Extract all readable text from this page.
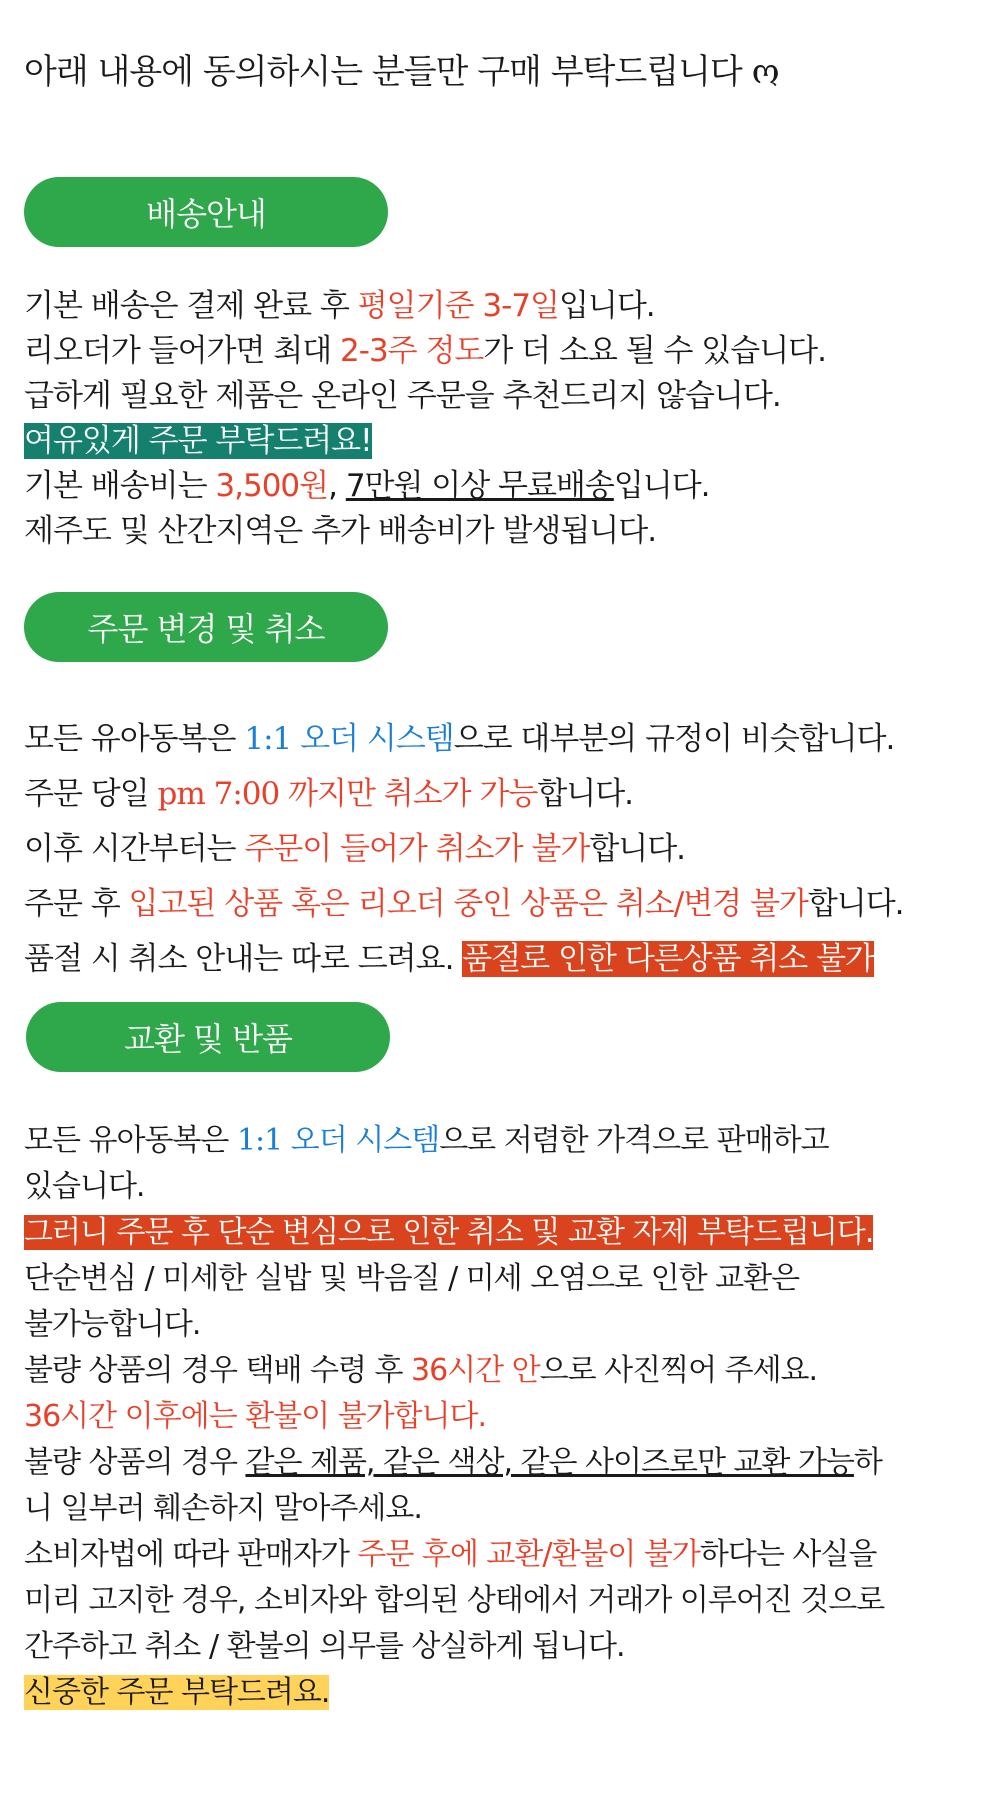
아래 내용에 동의하시는 분들만 구매 부탁드립니다 ო
배송안내
기본 배송은 결제 완료 후 평일기준 3-7일입니다.
리오더가 들어가면 최대 2-3주 정도가 더 소요 될 수 있습니다.
급하게 필요한 제품은 온라인 주문을 추천드리지 않습니다.
여유있게 주문 부탁드려요!
기본 배송비는 3,500원, 7만원 이상 무료배송입니다.
제주도 및 산간지역은 추가 배송비가 발생됩니다.
주문 변경 및 취소
모든 유아동복은 1:1 오더 시스템으로 대부분의 규정이 비슷합니다.
주문 당일 pm 7:00 까지만 취소가 가능합니다.
이후 시간부터는 주문이 들어가 취소가 불가합니다.
주문 후 입고된 상품 혹은 리오더 중인 상품은 취소/변경 불가합니다.
품절 시 취소 안내는 따로 드려요. 품절로 인한 다른상품 취소 불가
교환 및 반품
모든 유아동복은 1:1 오더 시스템으로 저렴한 가격으로 판매하고
있습니다.
그러니 주문 후 단순 변심으로 인한 취소 및 교환 자제 부탁드립니다.
단순변심 / 미세한 실밥 및 박음질 / 미세 오염으로 인한 교환은
불가능합니다.
불량 상품의 경우 택배 수령 후 36시간 안으로 사진찍어 주세요.
36시간 이후에는 환불이 불가합니다.
불량 상품의 경우 같은 제품, 같은 색상, 같은 사이즈로만 교환 가능하
니 일부러 훼손하지 말아주세요.
소비자법에 따라 판매자가 주문 후에 교환/환불이 불가하다는 사실을
미리 고지한 경우, 소비자와 합의된 상태에서 거래가 이루어진 것으로
간주하고 취소 / 환불의 의무를 상실하게 됩니다.
신중한 주문 부탁드려요.
